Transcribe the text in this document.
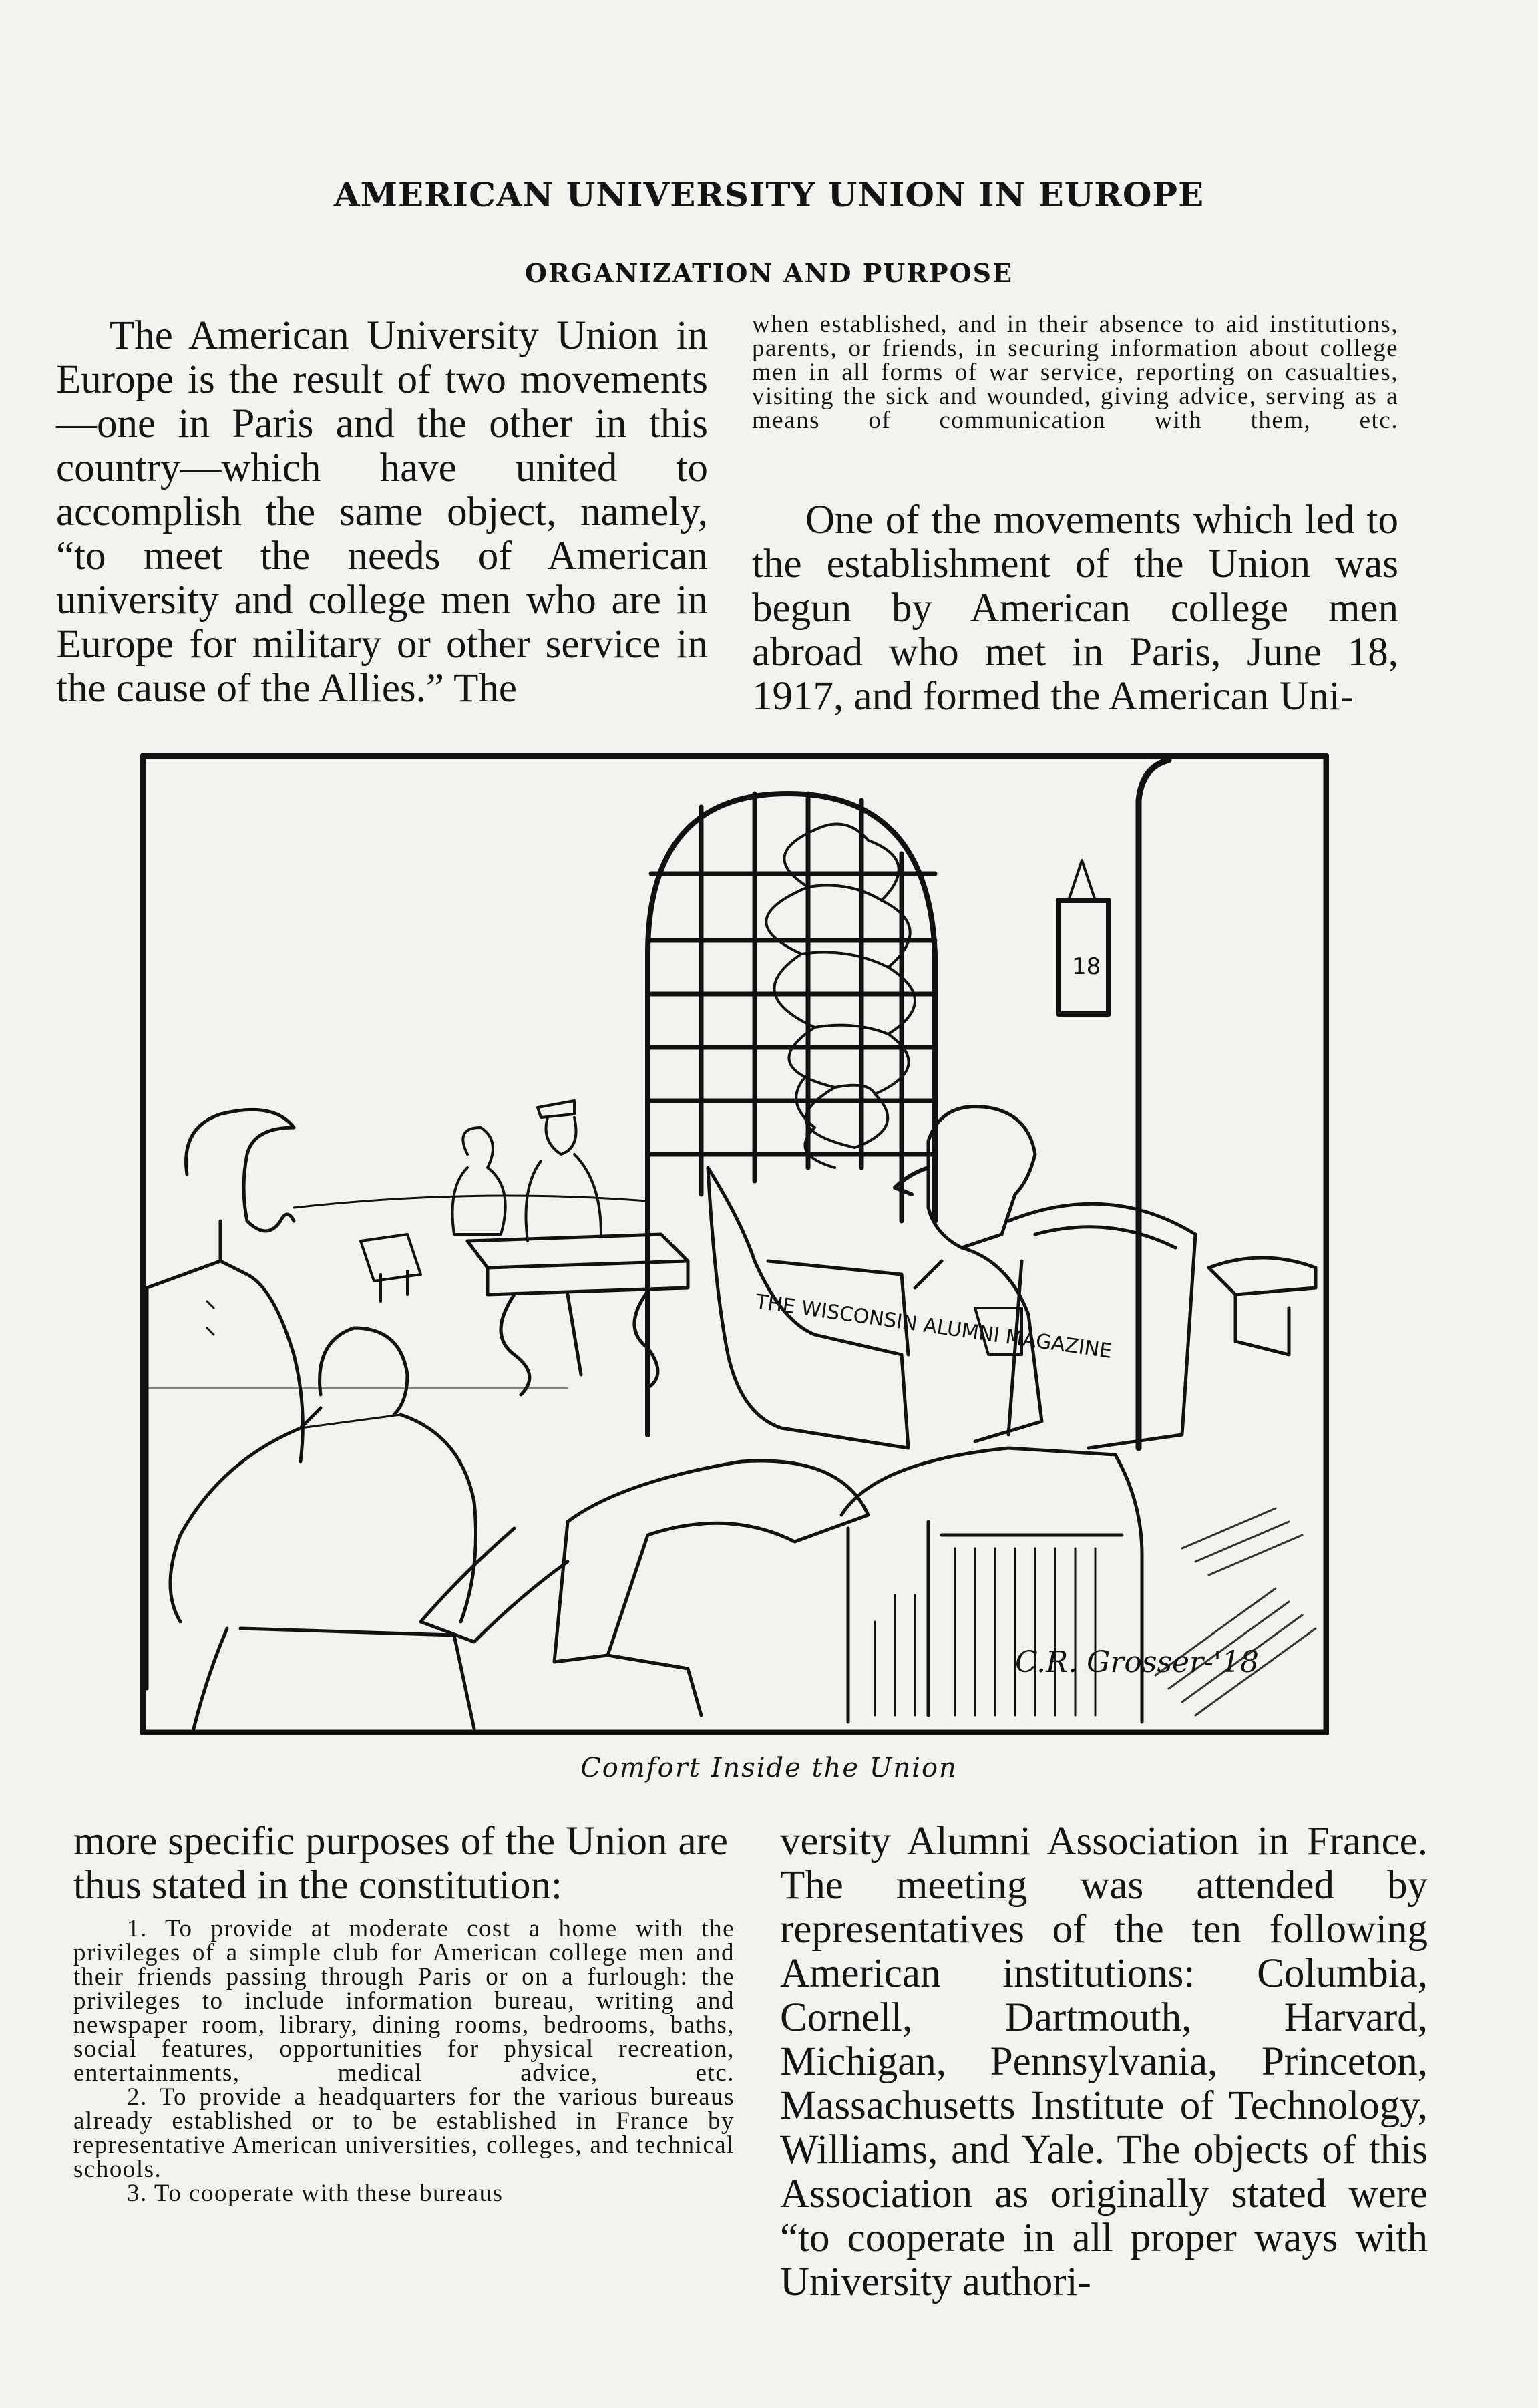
AMERICAN UNIVERSITY UNION IN EUROPE
ORGANIZATION AND PURPOSE
The American University Union in Europe is the result of two movements—one in Paris and the other in this country—which have united to accomplish the same object, namely, “to meet the needs of American university and college men who are in Europe for military or other service in the cause of the Allies.” The
when established, and in their absence to aid institutions, parents, or friends, in securing information about college men in all forms of war service, reporting on casualties, visiting the sick and wounded, giving advice, serving as a means of communication with them, etc.
One of the movements which led to the establishment of the Union was begun by American college men abroad who met in Paris, June 18, 1917, and formed the American Uni-
18
THE WISCONSIN ALUMNI MAGAZINE
C.R. Grosser-'18
Comfort Inside the Union
more specific purposes of the Union are thus stated in the constitution:
1. To provide at moderate cost a home with the privileges of a simple club for American college men and their friends passing through Paris or on a furlough: the privileges to include information bureau, writing and newspaper room, library, dining rooms, bedrooms, baths, social features, opportunities for physical recreation, entertainments, medical advice, etc.
2. To provide a headquarters for the various bureaus already established or to be established in France by representative American universities, colleges, and technical schools.
3. To cooperate with these bureaus
versity Alumni Association in France. The meeting was attended by representatives of the ten following American institutions: Columbia, Cornell, Dartmouth, Harvard, Michigan, Pennsylvania, Princeton, Massachusetts Institute of Technology, Williams, and Yale. The objects of this Association as originally stated were “to cooperate in all proper ways with University authori-
